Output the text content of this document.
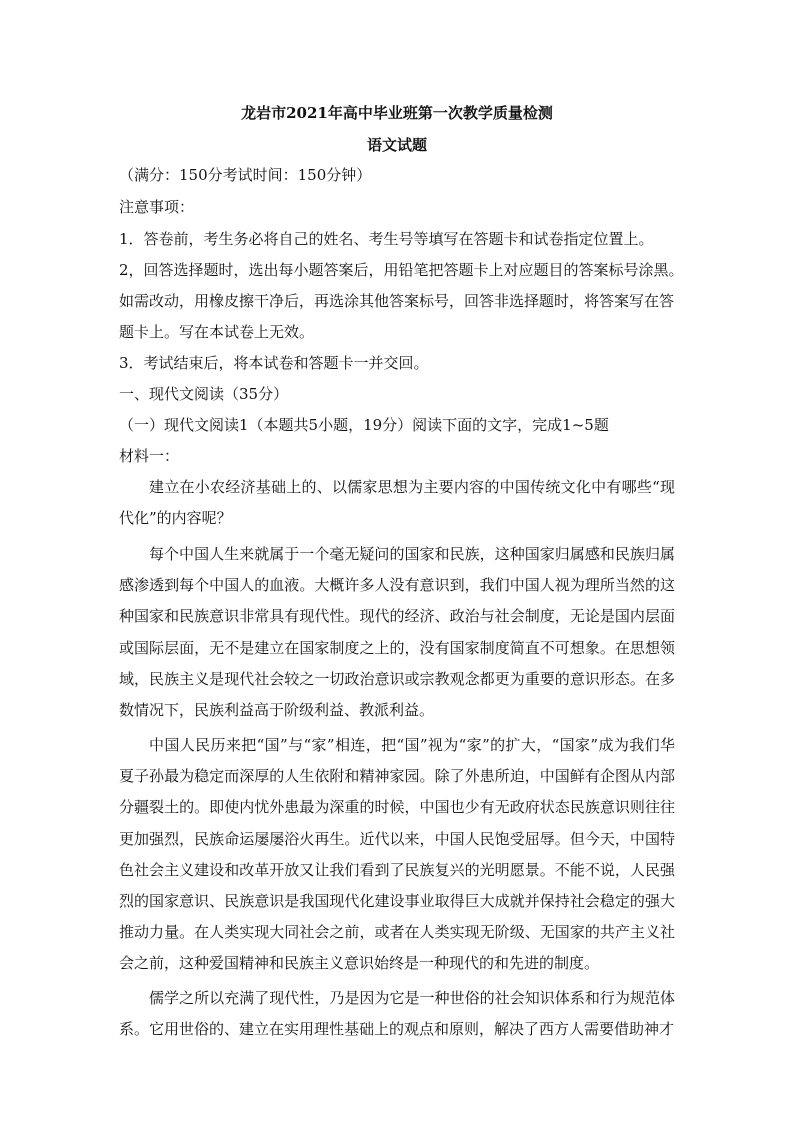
龙岩市2021年高中毕业班第一次教学质量检测

语文试题

（满分：150分考试时间：150分钟）

注意事项：

1．答卷前，考生务必将自己的姓名、考生号等填写在答题卡和试卷指定位置上。

2，回答选择题时，选出每小题答案后，用铅笔把答题卡上对应题目的答案标号涂黑。

如需改动，用橡皮擦干净后，再选涂其他答案标号，回答非选择题时，将答案写在答

题卡上。写在本试卷上无效。

3．考试结束后，将本试卷和答题卡一并交回。

一、现代文阅读（35分）

（一）现代文阅读1（本题共5小题，19分）阅读下面的文字，完成1~5题

材料一：

建立在小农经济基础上的、以儒家思想为主要内容的中国传统文化中有哪些“现代化”的内容呢？

每个中国人生来就属于一个毫无疑问的国家和民族，这种国家归属感和民族归属感渗透到每个中国人的血液。大概许多人没有意识到，我们中国人视为理所当然的这种国家和民族意识非常具有现代性。现代的经济、政治与社会制度，无论是国内层面或国际层面，无不是建立在国家制度之上的，没有国家制度简直不可想象。在思想领域，民族主义是现代社会较之一切政治意识或宗教观念都更为重要的意识形态。在多数情况下，民族利益高于阶级利益、教派利益。

中国人民历来把“国”与“家”相连，把“国”视为“家”的扩大，“国家”成为我们华夏子孙最为稳定而深厚的人生依附和精神家园。除了外患所迫，中国鲜有企图从内部分疆裂土的。即使内忧外患最为深重的时候，中国也少有无政府状态民族意识则往往更加强烈，民族命运屡屡浴火再生。近代以来，中国人民饱受屈辱。但今天，中国特色社会主义建设和改革开放又让我们看到了民族复兴的光明愿景。不能不说，人民强烈的国家意识、民族意识是我国现代化建设事业取得巨大成就并保持社会稳定的强大推动力量。在人类实现大同社会之前，或者在人类实现无阶级、无国家的共产主义社会之前，这种爱国精神和民族主义意识始终是一种现代的和先进的制度。

儒学之所以充满了现代性，乃是因为它是一种世俗的社会知识体系和行为规范体系。它用世俗的、建立在实用理性基础上的观点和原则，解决了西方人需要借助神才
